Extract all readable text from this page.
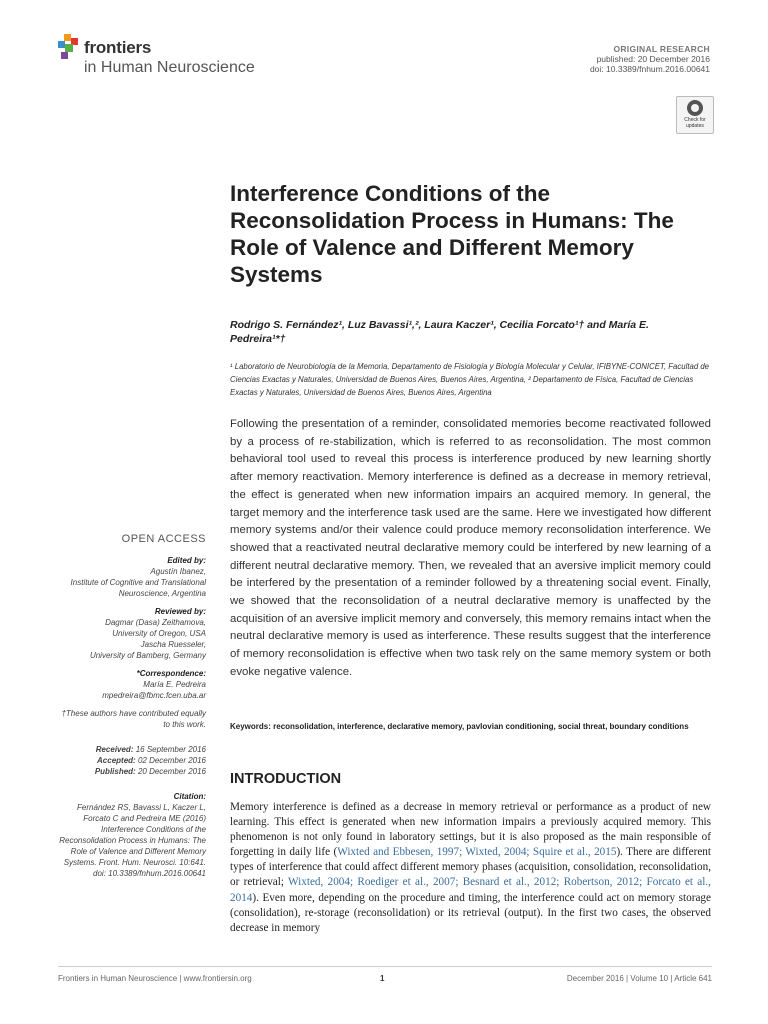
frontiers
in Human Neuroscience
ORIGINAL RESEARCH
published: 20 December 2016
doi: 10.3389/fnhum.2016.00641
Check for updates
Interference Conditions of the Reconsolidation Process in Humans: The Role of Valence and Different Memory Systems
Rodrigo S. Fernández¹, Luz Bavassi¹,², Laura Kaczer¹, Cecilia Forcato¹† and María E. Pedreira¹*†
¹ Laboratorio de Neurobiología de la Memoria, Departamento de Fisiología y Biología Molecular y Celular, IFIBYNE-CONICET, Facultad de Ciencias Exactas y Naturales, Universidad de Buenos Aires, Buenos Aires, Argentina, ² Departamento de Física, Facultad de Ciencias Exactas y Naturales, Universidad de Buenos Aires, Buenos Aires, Argentina
Following the presentation of a reminder, consolidated memories become reactivated followed by a process of re-stabilization, which is referred to as reconsolidation. The most common behavioral tool used to reveal this process is interference produced by new learning shortly after memory reactivation. Memory interference is defined as a decrease in memory retrieval, the effect is generated when new information impairs an acquired memory. In general, the target memory and the interference task used are the same. Here we investigated how different memory systems and/or their valence could produce memory reconsolidation interference. We showed that a reactivated neutral declarative memory could be interfered by new learning of a different neutral declarative memory. Then, we revealed that an aversive implicit memory could be interfered by the presentation of a reminder followed by a threatening social event. Finally, we showed that the reconsolidation of a neutral declarative memory is unaffected by the acquisition of an aversive implicit memory and conversely, this memory remains intact when the neutral declarative memory is used as interference. These results suggest that the interference of memory reconsolidation is effective when two task rely on the same memory system or both evoke negative valence.
Keywords: reconsolidation, interference, declarative memory, pavlovian conditioning, social threat, boundary conditions
OPEN ACCESS
Edited by:
Agustín Ibanez,
Institute of Cognitive and Translational Neuroscience, Argentina
Reviewed by:
Dagmar (Dasa) Zeithamova,
University of Oregon, USA
Jascha Ruesseler,
University of Bamberg, Germany
*Correspondence:
María E. Pedreira
mpedreira@fbmc.fcen.uba.ar
†These authors have contributed equally to this work.
Received: 16 September 2016
Accepted: 02 December 2016
Published: 20 December 2016
Citation:
Fernández RS, Bavassi L, Kaczer L, Forcato C and Pedreira ME (2016) Interference Conditions of the Reconsolidation Process in Humans: The Role of Valence and Different Memory Systems. Front. Hum. Neurosci. 10:641. doi: 10.3389/fnhum.2016.00641
INTRODUCTION
Memory interference is defined as a decrease in memory retrieval or performance as a product of new learning. This effect is generated when new information impairs a previously acquired memory. This phenomenon is not only found in laboratory settings, but it is also proposed as the main responsible of forgetting in daily life (Wixted and Ebbesen, 1997; Wixted, 2004; Squire et al., 2015). There are different types of interference that could affect different memory phases (acquisition, consolidation, reconsolidation, or retrieval; Wixted, 2004; Roediger et al., 2007; Besnard et al., 2012; Robertson, 2012; Forcato et al., 2014). Even more, depending on the procedure and timing, the interference could act on memory storage (consolidation), re-storage (reconsolidation) or its retrieval (output). In the first two cases, the observed decrease in memory
Frontiers in Human Neuroscience | www.frontiersin.org	1	December 2016 | Volume 10 | Article 641
